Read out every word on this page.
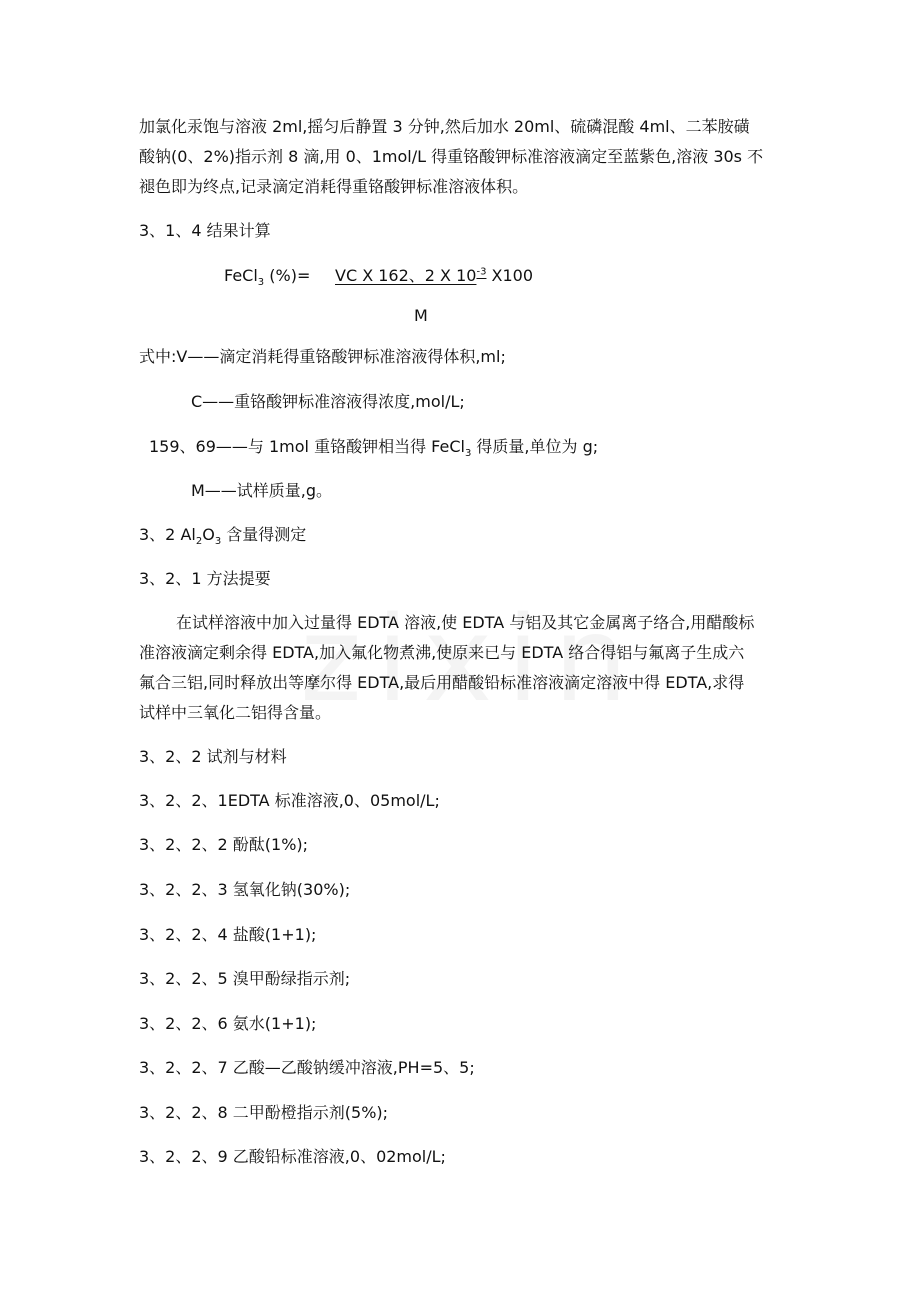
加氯化汞饱与溶液 2ml,摇匀后静置 3 分钟,然后加水 20ml、硫磷混酸 4ml、二苯胺磺
酸钠(0、2%)指示剂 8 滴,用 0、1mol/L 得重铬酸钾标准溶液滴定至蓝紫色,溶液 30s 不
褪色即为终点,记录滴定消耗得重铬酸钾标准溶液体积。
3、1、4 结果计算
FeCl$_3$ (%)= VC X 162、2 X $10^{-3}$ X100
M
式中:V——滴定消耗得重铬酸钾标准溶液得体积,ml;
C——重铬酸钾标准溶液得浓度,mol/L;
159、69——与 1mol 重铬酸钾相当得 FeCl$_3$ 得质量,单位为 g;
M——试样质量,g。
3、2 $Al_2O_3$ 含量得测定
3、2、1 方法提要
在试样溶液中加入过量得 EDTA 溶液,使 EDTA 与铝及其它金属离子络合,用醋酸标
准溶液滴定剩余得 EDTA,加入氟化物煮沸,使原来已与 EDTA 络合得铝与氟离子生成六
氟合三铝,同时释放出等摩尔得 EDTA,最后用醋酸铅标准溶液滴定溶液中得 EDTA,求得
试样中三氧化二铝得含量。
3、2、2 试剂与材料
3、2、2、1EDTA 标准溶液,0、05mol/L;
3、2、2、2 酚酞(1%);
3、2、2、3 氢氧化钠(30%);
3、2、2、4 盐酸(1+1);
3、2、2、5 溴甲酚绿指示剂;
3、2、2、6 氨水(1+1);
3、2、2、7 乙酸—乙酸钠缓冲溶液,PH=5、5;
3、2、2、8 二甲酚橙指示剂(5%);
3、2、2、9 乙酸铅标准溶液,0、02mol/L;
